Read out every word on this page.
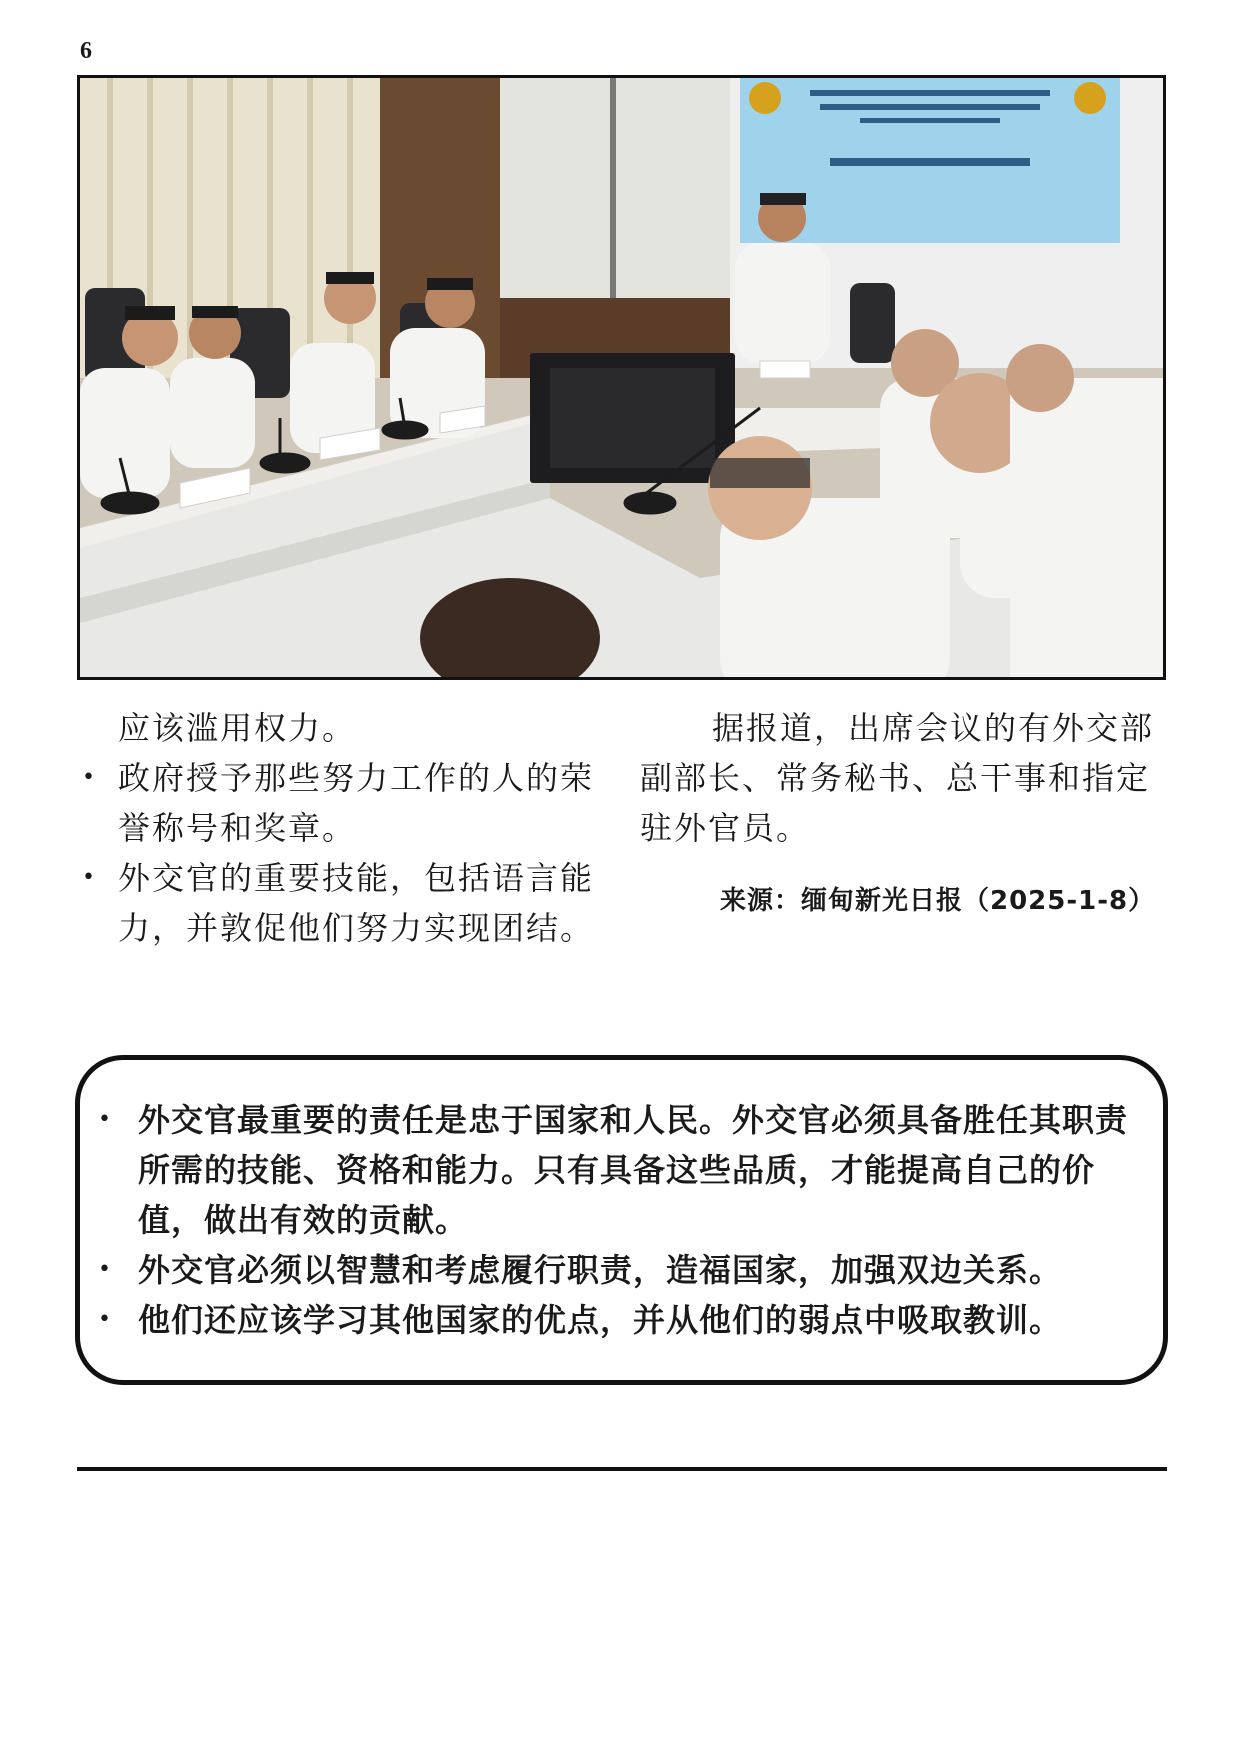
6

应该滥用权力。

• 政府授予那些努力工作的人的荣誉称号和奖章。
• 外交官的重要技能，包括语言能力，并敦促他们努力实现团结。

据报道，出席会议的有外交部副部长、常务秘书、总干事和指定驻外官员。

来源：缅甸新光日报（2025-1-8）
• 外交官最重要的责任是忠于国家和人民。外交官必须具备胜任其职责所需的技能、资格和能力。只有具备这些品质，才能提高自己的价值，做出有效的贡献。
• 外交官必须以智慧和考虑履行职责，造福国家，加强双边关系。
• 他们还应该学习其他国家的优点，并从他们的弱点中吸取教训。
